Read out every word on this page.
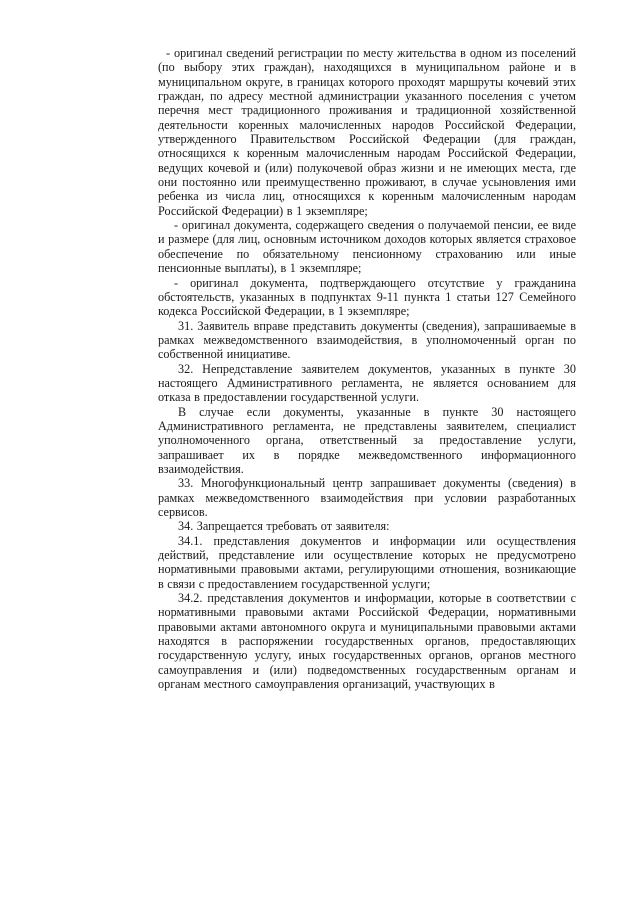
- оригинал сведений регистрации по месту жительства в одном из поселений (по выбору этих граждан), находящихся в муниципальном районе и в муниципальном округе, в границах которого проходят маршруты кочевий этих граждан, по адресу местной администрации указанного поселения с учетом перечня мест традиционного проживания и традиционной хозяйственной деятельности коренных малочисленных народов Российской Федерации, утвержденного Правительством Российской Федерации (для граждан, относящихся к коренным малочисленным народам Российской Федерации, ведущих кочевой и (или) полукочевой образ жизни и не имеющих места, где они постоянно или преимущественно проживают, в случае усыновления ими ребенка из числа лиц, относящихся к коренным малочисленным народам Российской Федерации) в 1 экземпляре;

- оригинал документа, содержащего сведения о получаемой пенсии, ее виде и размере (для лиц, основным источником доходов которых является страховое обеспечение по обязательному пенсионному страхованию или иные пенсионные выплаты), в 1 экземпляре;

- оригинал документа, подтверждающего отсутствие у гражданина обстоятельств, указанных в подпунктах 9-11 пункта 1 статьи 127 Семейного кодекса Российской Федерации, в 1 экземпляре;

31. Заявитель вправе представить документы (сведения), запрашиваемые в рамках межведомственного взаимодействия, в уполномоченный орган по собственной инициативе.

32. Непредставление заявителем документов, указанных в пункте 30 настоящего Административного регламента, не является основанием для отказа в предоставлении государственной услуги.

В случае если документы, указанные в пункте 30 настоящего Административного регламента, не представлены заявителем, специалист уполномоченного органа, ответственный за предоставление услуги, запрашивает их в порядке межведомственного информационного взаимодействия.

33. Многофункциональный центр запрашивает документы (сведения) в рамках межведомственного взаимодействия при условии разработанных сервисов.

34. Запрещается требовать от заявителя:

34.1. представления документов и информации или осуществления действий, представление или осуществление которых не предусмотрено нормативными правовыми актами, регулирующими отношения, возникающие в связи с предоставлением государственной услуги;

34.2. представления документов и информации, которые в соответствии с нормативными правовыми актами Российской Федерации, нормативными правовыми актами автономного округа и муниципальными правовыми актами находятся в распоряжении государственных органов, предоставляющих государственную услугу, иных государственных органов, органов местного самоуправления и (или) подведомственных государственным органам и органам местного самоуправления организаций, участвующих в
